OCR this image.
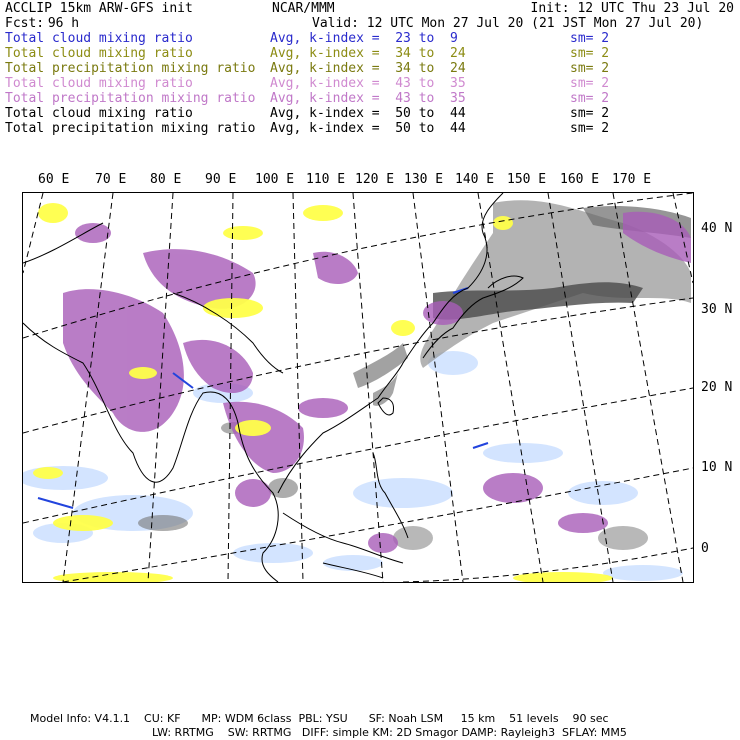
ACCLIP 15km ARW-GFS init	NCAR/MMM	Init: 12 UTC Thu 23 Jul 20
Fcst: 96 h	Valid: 12 UTC Mon 27 Jul 20 (21 JST Mon 27 Jul 20)
Total cloud mixing ratio	Avg, k-index =  23 to  9	sm= 2
Total cloud mixing ratio	Avg, k-index =  34 to  24	sm= 2
Total precipitation mixing ratio Avg, k-index =  34 to  24	sm= 2
Total cloud mixing ratio	Avg, k-index =  43 to  35	sm= 2
Total precipitation mixing ratio Avg, k-index =  43 to  35	sm= 2
Total cloud mixing ratio	Avg, k-index =  50 to  44	sm= 2
Total precipitation mixing ratio Avg, k-index =  50 to  44	sm= 2
60 E 70 E 80 E 90 E 100 E 110 E 120 E 130 E 140 E 150 E 160 E 170 E
40 N
30 N
20 N
10 N
0
Model Info: V4.1.1    CU: KF      MP: WDM 6class  PBL: YSU      SF: Noah LSM     15 km    51 levels    90 sec
LW: RRTMG    SW: RRTMG   DIFF: simple KM: 2D Smagor DAMP: Rayleigh3  SFLAY: MM5
